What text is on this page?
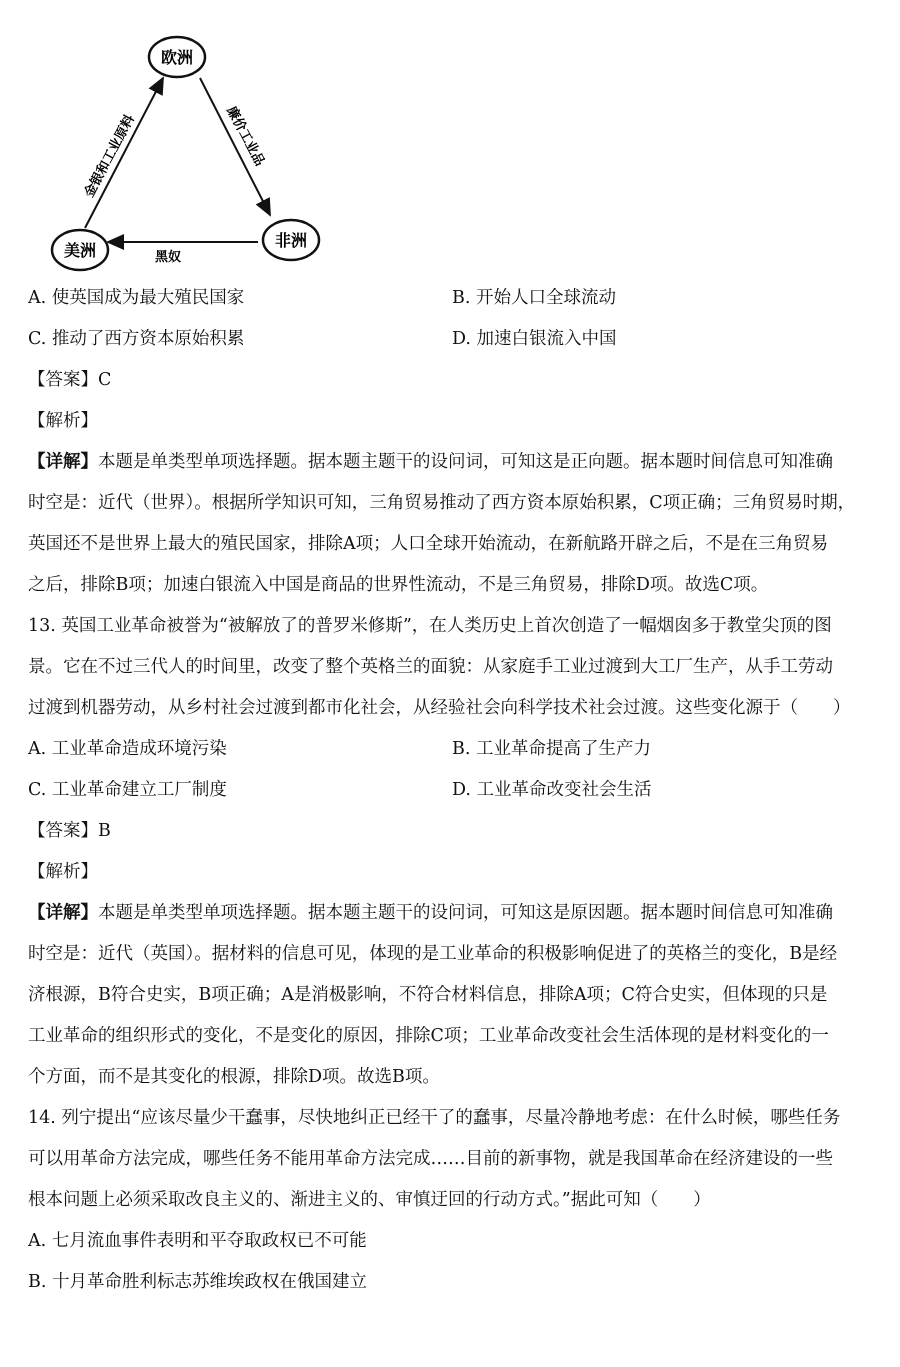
欧洲
非洲
美洲
金银和工业原料	廉价工业品
黑奴
A. 使英国成为最大殖民国家	B. 开始人口全球流动
C. 推动了西方资本原始积累	D. 加速白银流入中国
【答案】C
【解析】
【详解】本题是单类型单项选择题。据本题主题干的设问词，可知这是正向题。据本题时间信息可知准确
时空是：近代（世界）。根据所学知识可知，三角贸易推动了西方资本原始积累，C项正确；三角贸易时期，
英国还不是世界上最大的殖民国家，排除A项；人口全球开始流动，在新航路开辟之后，不是在三角贸易
之后，排除B项；加速白银流入中国是商品的世界性流动，不是三角贸易，排除D项。故选C项。
13. 英国工业革命被誉为“被解放了的普罗米修斯”，在人类历史上首次创造了一幅烟囱多于教堂尖顶的图
景。它在不过三代人的时间里，改变了整个英格兰的面貌：从家庭手工业过渡到大工厂生产，从手工劳动
过渡到机器劳动，从乡村社会过渡到都市化社会，从经验社会向科学技术社会过渡。这些变化源于（　　）
A. 工业革命造成环境污染	B. 工业革命提高了生产力
C. 工业革命建立工厂制度	D. 工业革命改变社会生活
【答案】B
【解析】
【详解】本题是单类型单项选择题。据本题主题干的设问词，可知这是原因题。据本题时间信息可知准确
时空是：近代（英国）。据材料的信息可见，体现的是工业革命的积极影响促进了的英格兰的变化，B是经
济根源，B符合史实，B项正确；A是消极影响，不符合材料信息，排除A项；C符合史实，但体现的只是
工业革命的组织形式的变化，不是变化的原因，排除C项；工业革命改变社会生活体现的是材料变化的一
个方面，而不是其变化的根源，排除D项。故选B项。
14. 列宁提出“应该尽量少干蠢事，尽快地纠正已经干了的蠢事，尽量冷静地考虑：在什么时候，哪些任务
可以用革命方法完成，哪些任务不能用革命方法完成……目前的新事物，就是我国革命在经济建设的一些
根本问题上必须采取改良主义的、渐进主义的、审慎迂回的行动方式。”据此可知（　　）
A. 七月流血事件表明和平夺取政权已不可能
B. 十月革命胜利标志苏维埃政权在俄国建立
